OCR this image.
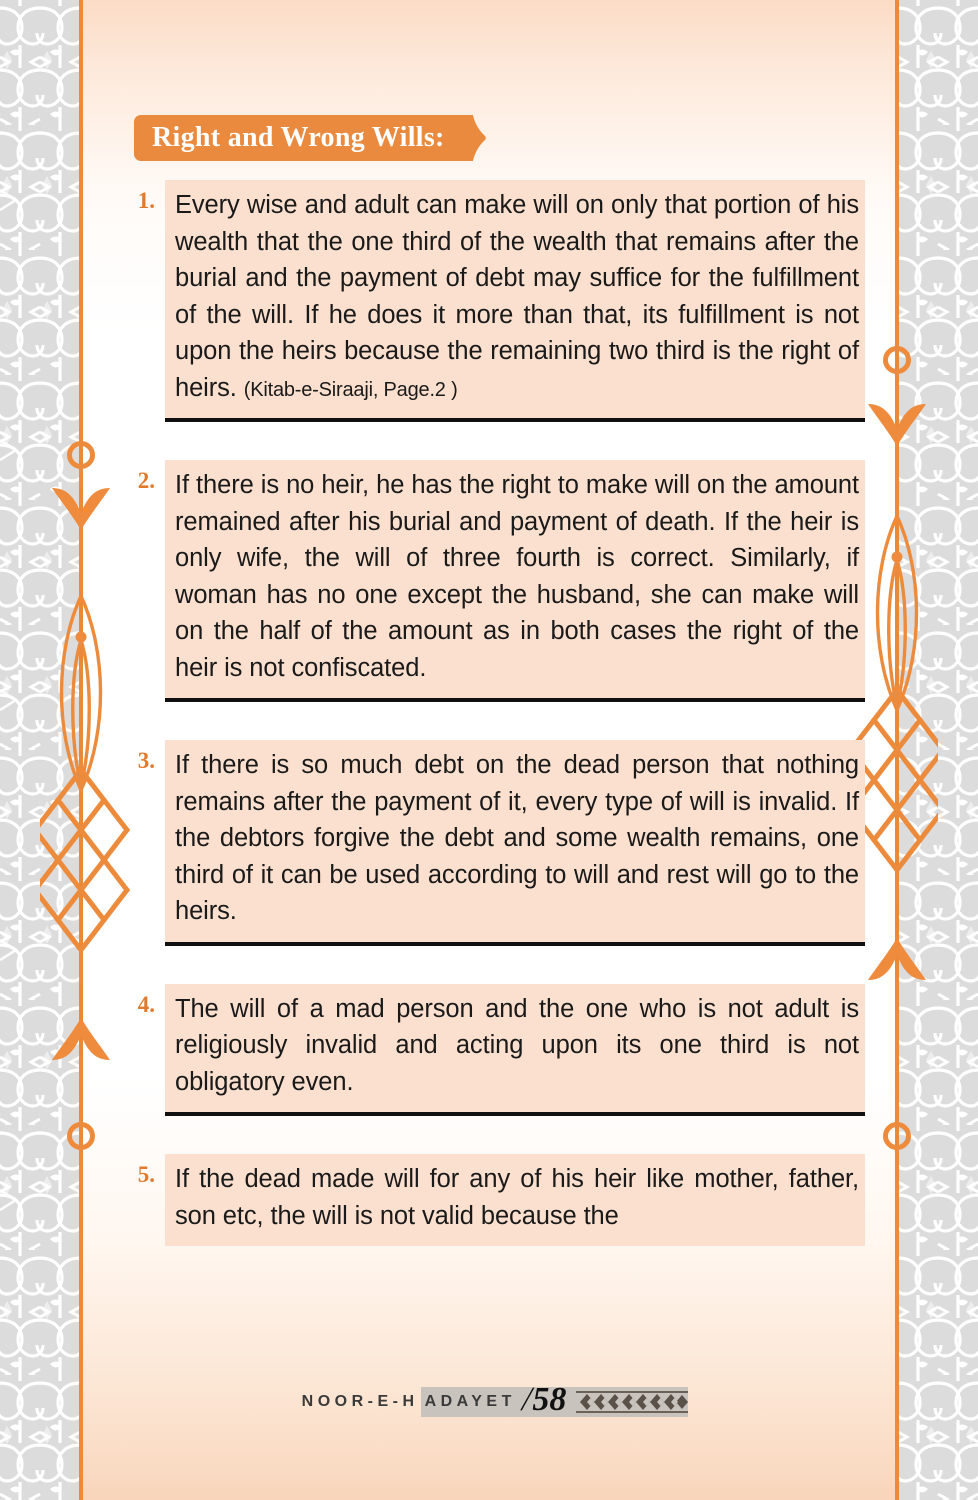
Right and Wrong Wills:
1. Every wise and adult can make will on only that portion of his wealth that the one third of the wealth that remains after the burial and the payment of debt may suffice for the fulfillment of the will. If he does it more than that, its fulfillment is not upon the heirs because the remaining two third is the right of heirs. (Kitab-e-Siraaji, Page.2 )
2. If there is no heir, he has the right to make will on the amount remained after his burial and payment of death. If the heir is only wife, the will of three fourth is correct. Similarly, if woman has no one except the husband, she can make will on the half of the amount as in both cases the right of the heir is not confiscated.
3. If there is so much debt on the dead person that nothing remains after the payment of it, every type of will is invalid. If the debtors forgive the debt and some wealth remains, one third of it can be used according to will and rest will go to the heirs.
4. The will of a mad person and the one who is not adult is religiously invalid and acting upon its one third is not obligatory even.
5. If the dead made will for any of his heir like mother, father, son etc, the will is not valid because the
NOOR-E-H ADAYET /
58
